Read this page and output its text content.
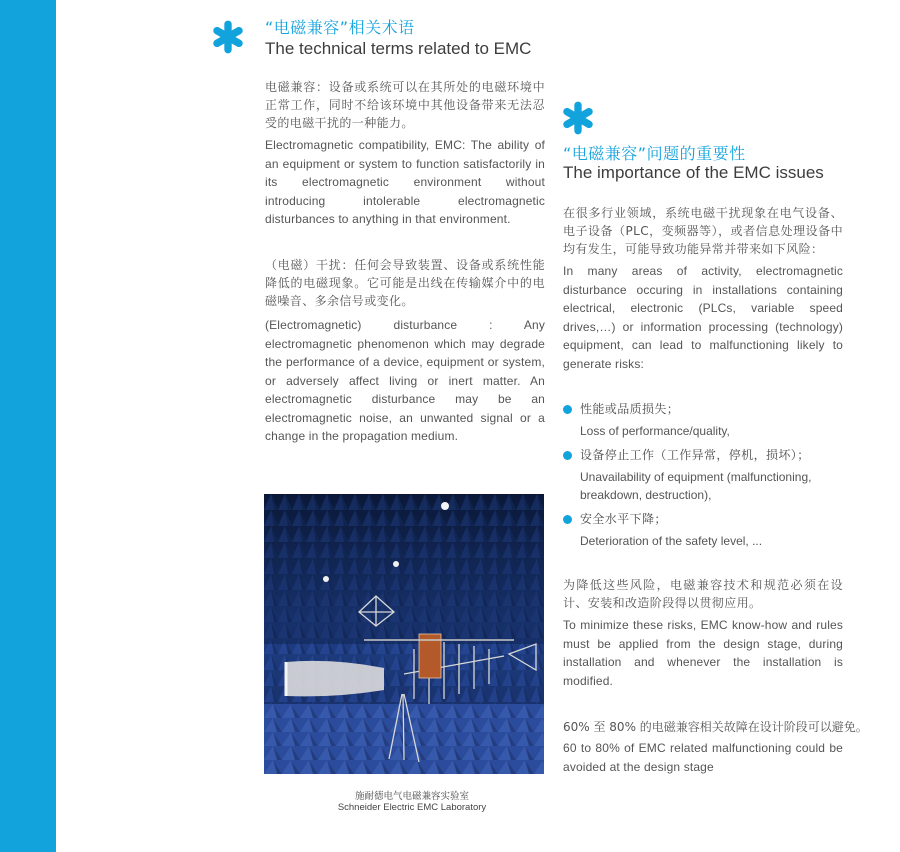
“电磁兼容”相关术语
The technical terms related to EMC
电磁兼容：设备或系统可以在其所处的电磁环境中正常工作，同时不给该环境中其他设备带来无法忍受的电磁干扰的一种能力。
Electromagnetic compatibility, EMC: The ability of an equipment or system to function satisfactorily in its electromagnetic environment without introducing intolerable electromagnetic disturbances to anything in that environment.
（电磁）干扰：任何会导致装置、设备或系统性能降低的电磁现象。它可能是出线在传输媒介中的电磁噪音、多余信号或变化。
(Electromagnetic) disturbance : Any electromagnetic phenomenon which may degrade the performance of a device, equipment or system, or adversely affect living or inert matter. An electromagnetic disturbance may be an electromagnetic noise, an unwanted signal or a change in the propagation medium.
施耐德电气电磁兼容实验室
Schneider Electric EMC Laboratory
“电磁兼容”问题的重要性
The importance of the EMC issues
在很多行业领域，系统电磁干扰现象在电气设备、电子设备（PLC，变频器等），或者信息处理设备中均有发生，可能导致功能异常并带来如下风险：
In many areas of activity, electromagnetic disturbance occuring in installations containing electrical, electronic (PLCs, variable speed drives,…) or information processing (technology) equipment, can lead to malfunctioning likely to generate risks:
性能或品质损失；
Loss of performance/quality,
设备停止工作（工作异常，停机，损坏）；
Unavailability of equipment (malfunctioning, breakdown, destruction),
安全水平下降；
Deterioration of the safety level, ...
为降低这些风险，电磁兼容技术和规范必须在设计、安装和改造阶段得以贯彻应用。
To minimize these risks, EMC know-how and rules must be applied from the design stage, during installation and whenever the installation is modified.
60% 至 80% 的电磁兼容相关故障在设计阶段可以避免。
60 to 80% of EMC related malfunctioning could be avoided at the design stage
